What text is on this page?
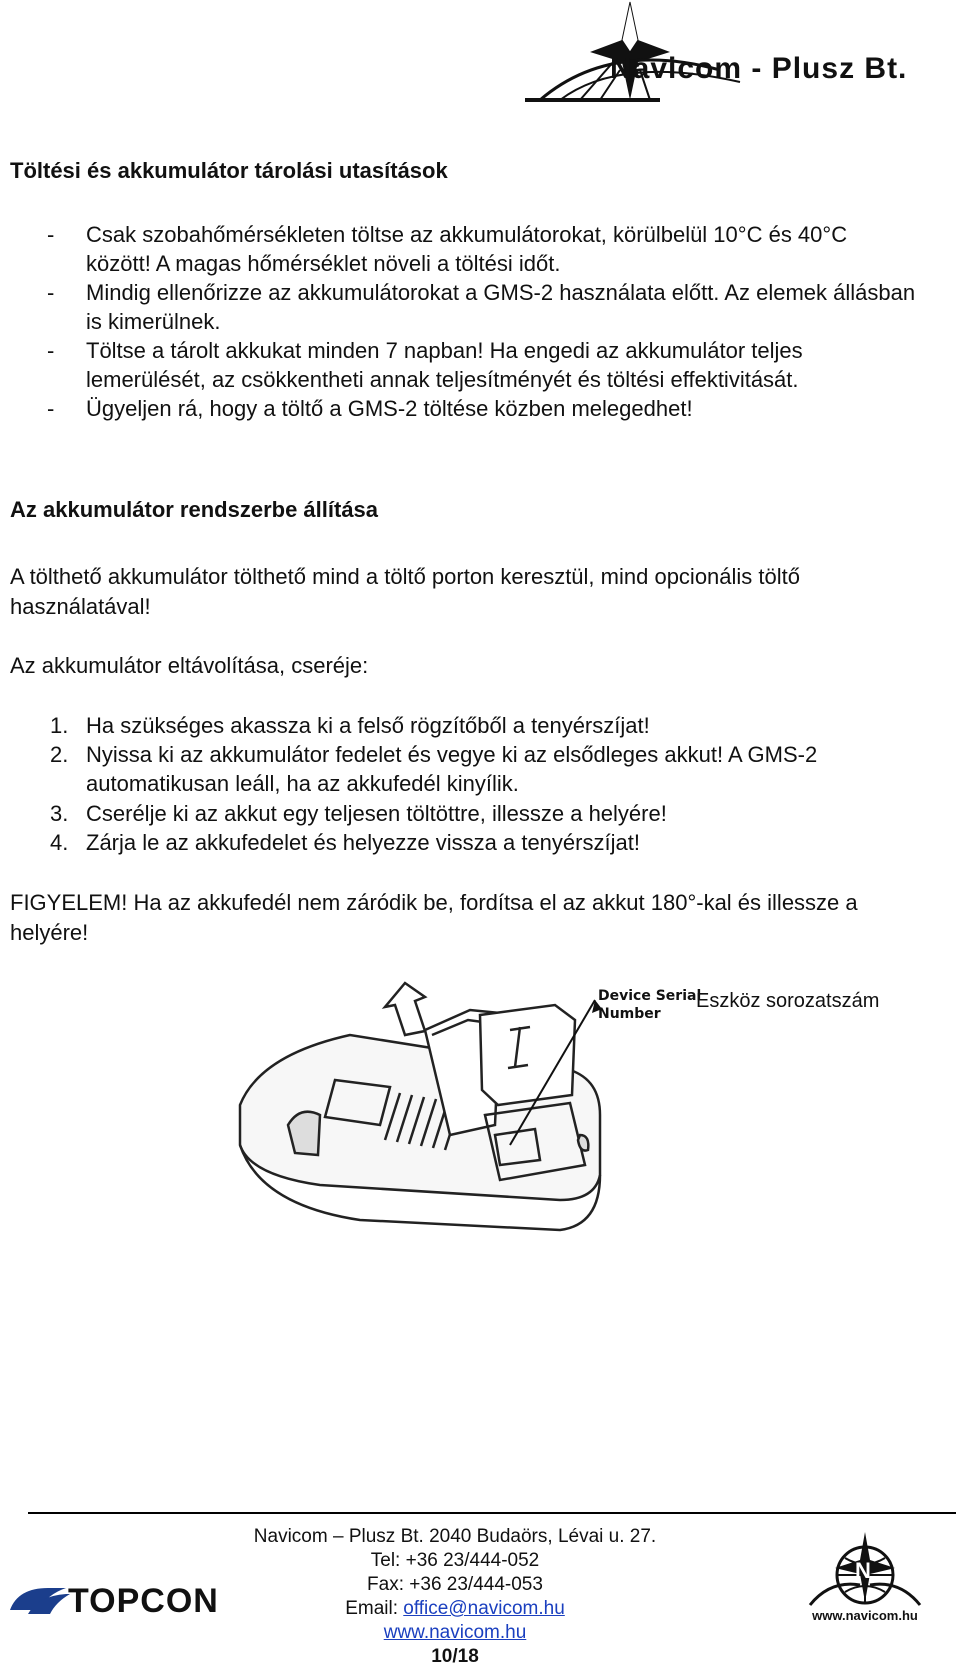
Navicom - Plusz Bt.
Töltési és akkumulátor tárolási utasítások
- Csak szobahőmérsékleten töltse az akkumulátorokat, körülbelül 10°C és 40°C között! A magas hőmérséklet növeli a töltési időt.
- Mindig ellenőrizze az akkumulátorokat a GMS-2 használata előtt. Az elemek állásban is kimerülnek.
- Töltse a tárolt akkukat minden 7 napban! Ha engedi az akkumulátor teljes lemerülését, az csökkentheti annak teljesítményét és töltési effektivitását.
- Ügyeljen rá, hogy a töltő a GMS-2 töltése közben melegedhet!
Az akkumulátor rendszerbe állítása
A tölthető akkumulátor tölthető mind a töltő porton keresztül, mind opcionális töltő használatával!
Az akkumulátor eltávolítása, cseréje:
1. Ha szükséges akassza ki a felső rögzítőből a tenyérszíjat!
2. Nyissa ki az akkumulátor fedelet és vegye ki az elsődleges akkut! A GMS-2 automatikusan leáll, ha az akkufedél kinyílik.
3. Cserélje ki az akkut egy teljesen töltöttre, illessze a helyére!
4. Zárja le az akkufedelet és helyezze vissza a tenyérszíjat!
FIGYELEM! Ha az akkufedél nem záródik be, fordítsa el az akkut 180°-kal és illessze a helyére!
Device Serial
Number
Eszköz sorozatszám
TOPCON
N
www.navicom.hu
Navicom – Plusz Bt. 2040 Budaörs, Lévai u. 27.
Tel: +36 23/444-052
Fax: +36 23/444-053
Email: office@navicom.hu
www.navicom.hu
10/18
